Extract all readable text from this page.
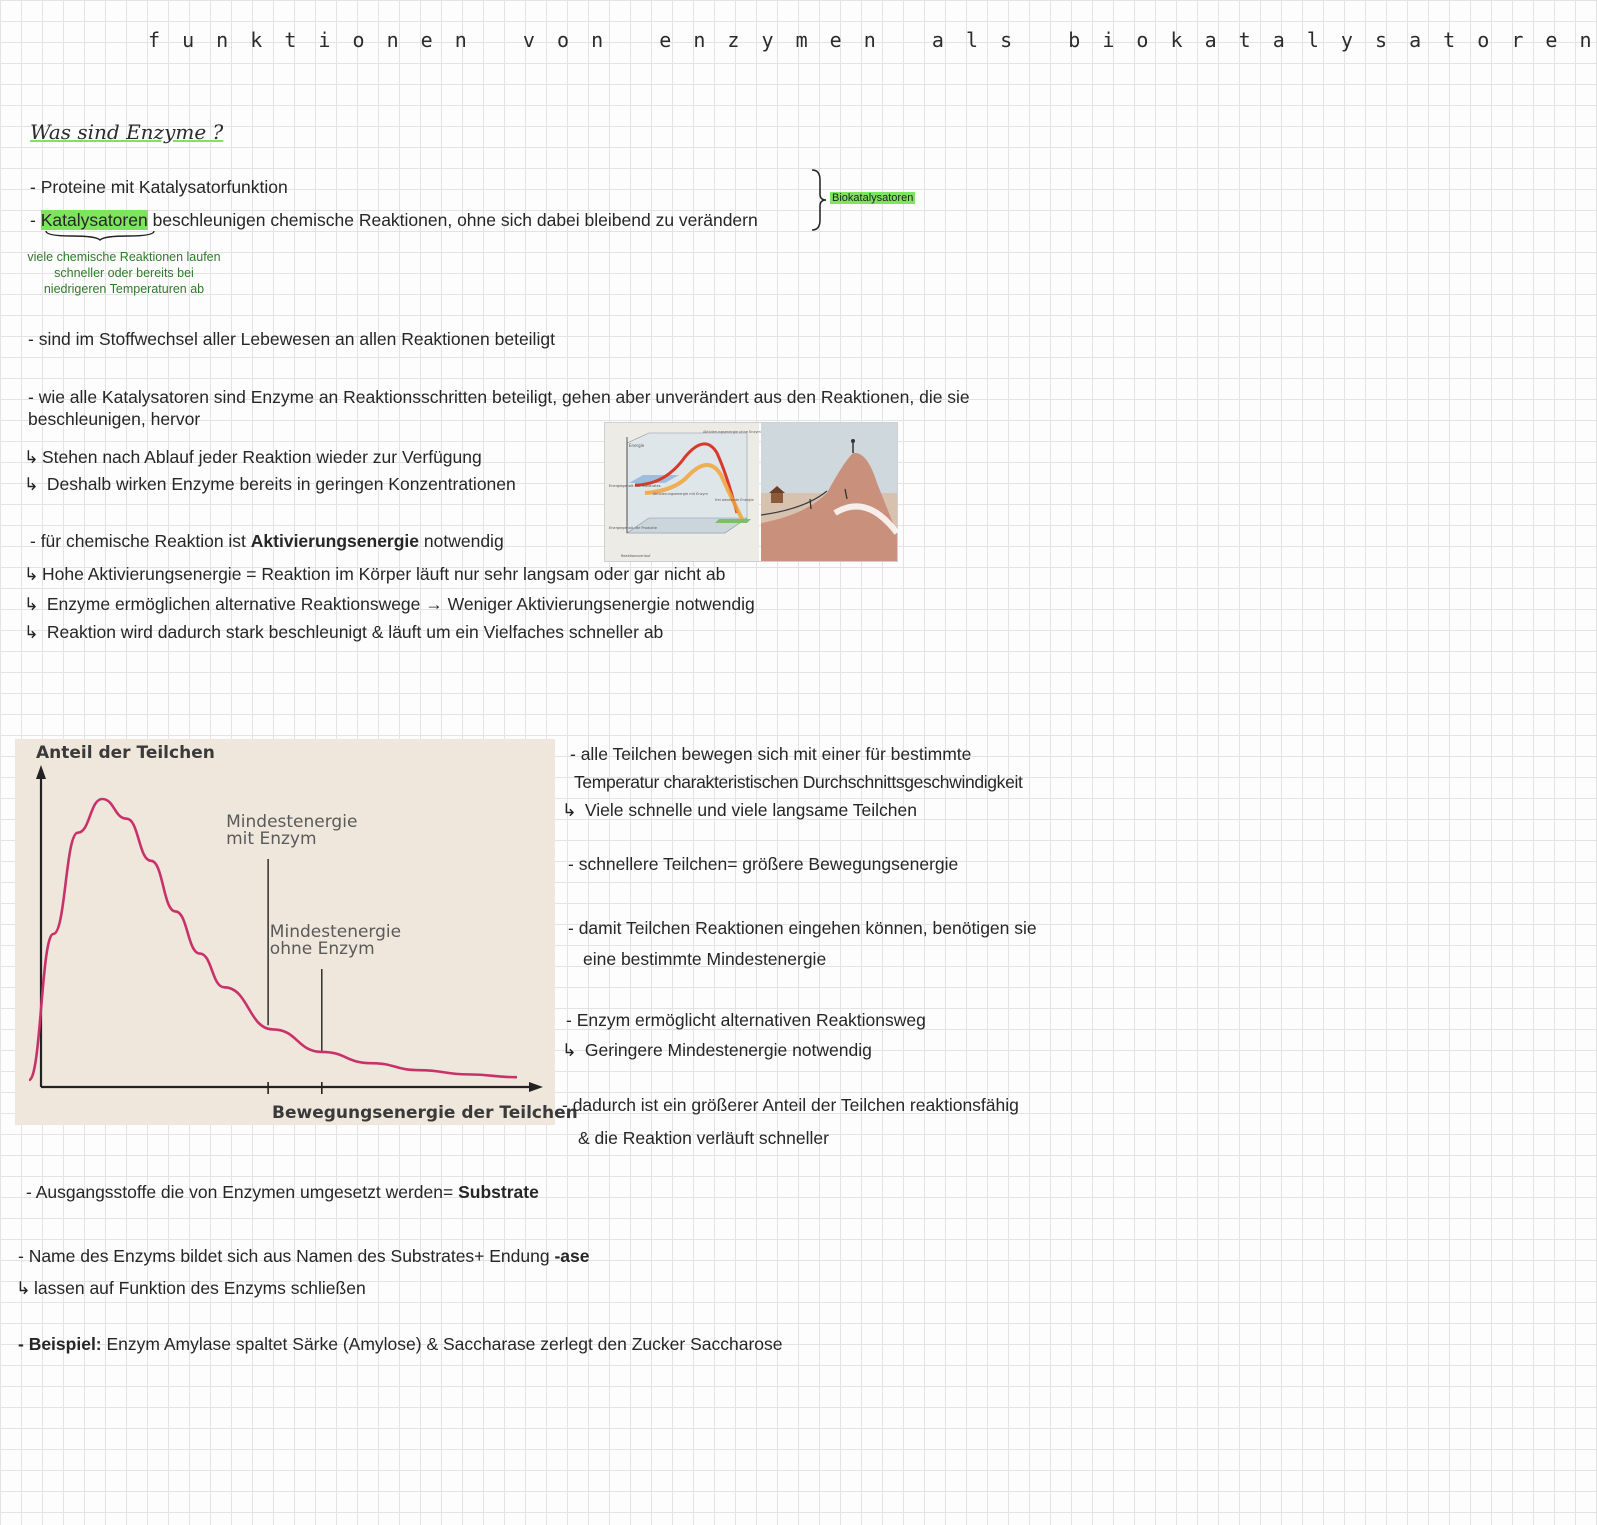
f u n k t i o n e n	v o n	e n z y m e n	a l s	b i o k a t a l y s a t o r e n
Was sind Enzyme ?
- Proteine mit Katalysatorfunktion
- Katalysatoren beschleunigen chemische Reaktionen, ohne sich dabei bleibend zu verändern
viele chemische Reaktionen laufen schneller oder bereits bei niedrigeren Temperaturen ab
Biokatalysatoren
- sind im Stoffwechsel aller Lebewesen an allen Reaktionen beteiligt
- wie alle Katalysatoren sind Enzyme an Reaktionsschritten beteiligt, gehen aber unverändert aus den Reaktionen, die sie
beschleunigen, hervor
↳ Stehen nach Ablauf jeder Reaktion wieder zur Verfügung
↳ Deshalb wirken Enzyme bereits in geringen Konzentrationen
Energie
Aktivierungsenergie ohne Enzym
Energiegehalt des Substrates
Energiegehalt der Produkte
Aktivierungsenergie mit Enzym
frei werdende Energie
Reaktionsverlauf
- für chemische Reaktion ist Aktivierungsenergie notwendig
↳ Hohe Aktivierungsenergie = Reaktion im Körper läuft nur sehr langsam oder gar nicht ab
↳ Enzyme ermöglichen alternative Reaktionswege → Weniger Aktivierungsenergie notwendig
↳ Reaktion wird dadurch stark beschleunigt & läuft um ein Vielfaches schneller ab
Anteil der Teilchen
Bewegungsenergie der Teilchen
Mindestenergie
mit Enzym
Mindestenergie
ohne Enzym
- alle Teilchen bewegen sich mit einer für bestimmte
Temperatur charakteristischen Durchschnittsgeschwindigkeit
↳ Viele schnelle und viele langsame Teilchen
- schnellere Teilchen= größere Bewegungsenergie
- damit Teilchen Reaktionen eingehen können, benötigen sie
eine bestimmte Mindestenergie
- Enzym ermöglicht alternativen Reaktionsweg
↳ Geringere Mindestenergie notwendig
- dadurch ist ein größerer Anteil der Teilchen reaktionsfähig
& die Reaktion verläuft schneller
- Ausgangsstoffe die von Enzymen umgesetzt werden= Substrate
- Name des Enzyms bildet sich aus Namen des Substrates+ Endung -ase
↳ lassen auf Funktion des Enzyms schließen
- Beispiel: Enzym Amylase spaltet Särke (Amylose) & Saccharase zerlegt den Zucker Saccharose
